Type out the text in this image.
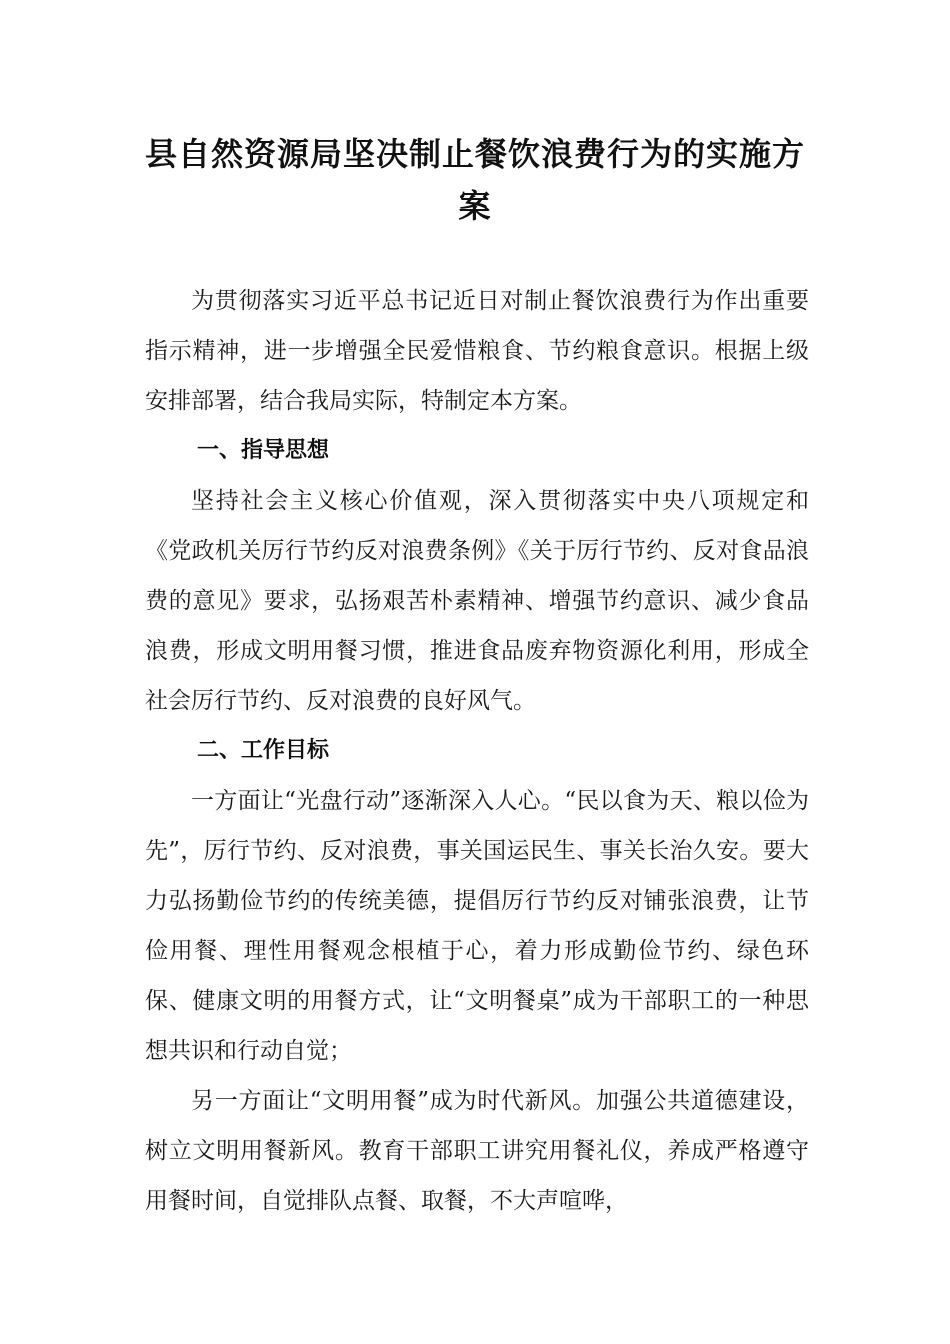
县自然资源局坚决制止餐饮浪费行为的实施方案

为贯彻落实习近平总书记近日对制止餐饮浪费行为作出重要指示精神，进一步增强全民爱惜粮食、节约粮食意识。根据上级安排部署，结合我局实际，特制定本方案。

一、指导思想

坚持社会主义核心价值观，深入贯彻落实中央八项规定和《党政机关厉行节约反对浪费条例》《关于厉行节约、反对食品浪费的意见》要求，弘扬艰苦朴素精神、增强节约意识、减少食品浪费，形成文明用餐习惯，推进食品废弃物资源化利用，形成全社会厉行节约、反对浪费的良好风气。

二、工作目标

一方面让“光盘行动”逐渐深入人心。“民以食为天、粮以俭为先”，厉行节约、反对浪费，事关国运民生、事关长治久安。要大力弘扬勤俭节约的传统美德，提倡厉行节约反对铺张浪费，让节俭用餐、理性用餐观念根植于心，着力形成勤俭节约、绿色环保、健康文明的用餐方式，让“文明餐桌”成为干部职工的一种思想共识和行动自觉；

另一方面让“文明用餐”成为时代新风。加强公共道德建设，树立文明用餐新风。教育干部职工讲究用餐礼仪，养成严格遵守用餐时间，自觉排队点餐、取餐，不大声喧哗，
